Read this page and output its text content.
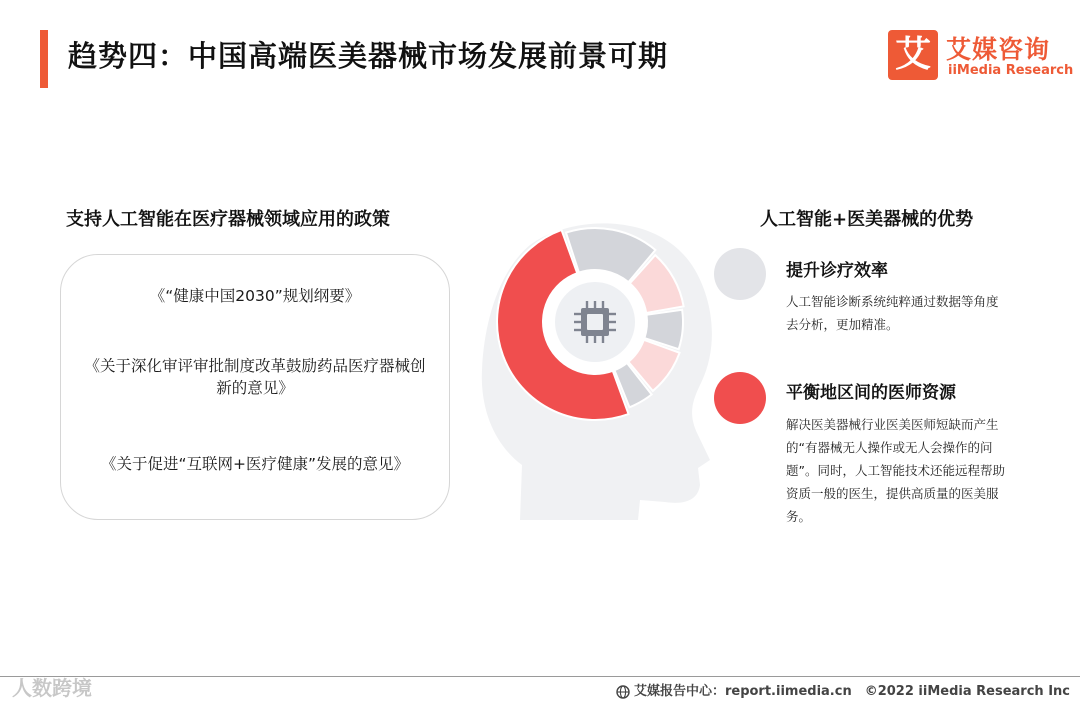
趋势四：中国高端医美器械市场发展前景可期	艾 艾媒咨询
iiMedia Research
支持人工智能在医疗器械领域应用的政策
《“健康中国2030”规划纲要》
《关于深化审评审批制度改革鼓励药品医疗器械创新的意见》
《关于促进“互联网+医疗健康”发展的意见》
人工智能+医美器械的优势
提升诊疗效率
人工智能诊断系统纯粹通过数据等角度去分析，更加精准。
平衡地区间的医师资源
解决医美器械行业医美医师短缺而产生的“有器械无人操作或无人会操作的问题”。同时，人工智能技术还能远程帮助资质一般的医生，提供高质量的医美服务。
人数跨境	艾媒报告中心：report.iimedia.cn　©2022 iiMedia Research Inc
